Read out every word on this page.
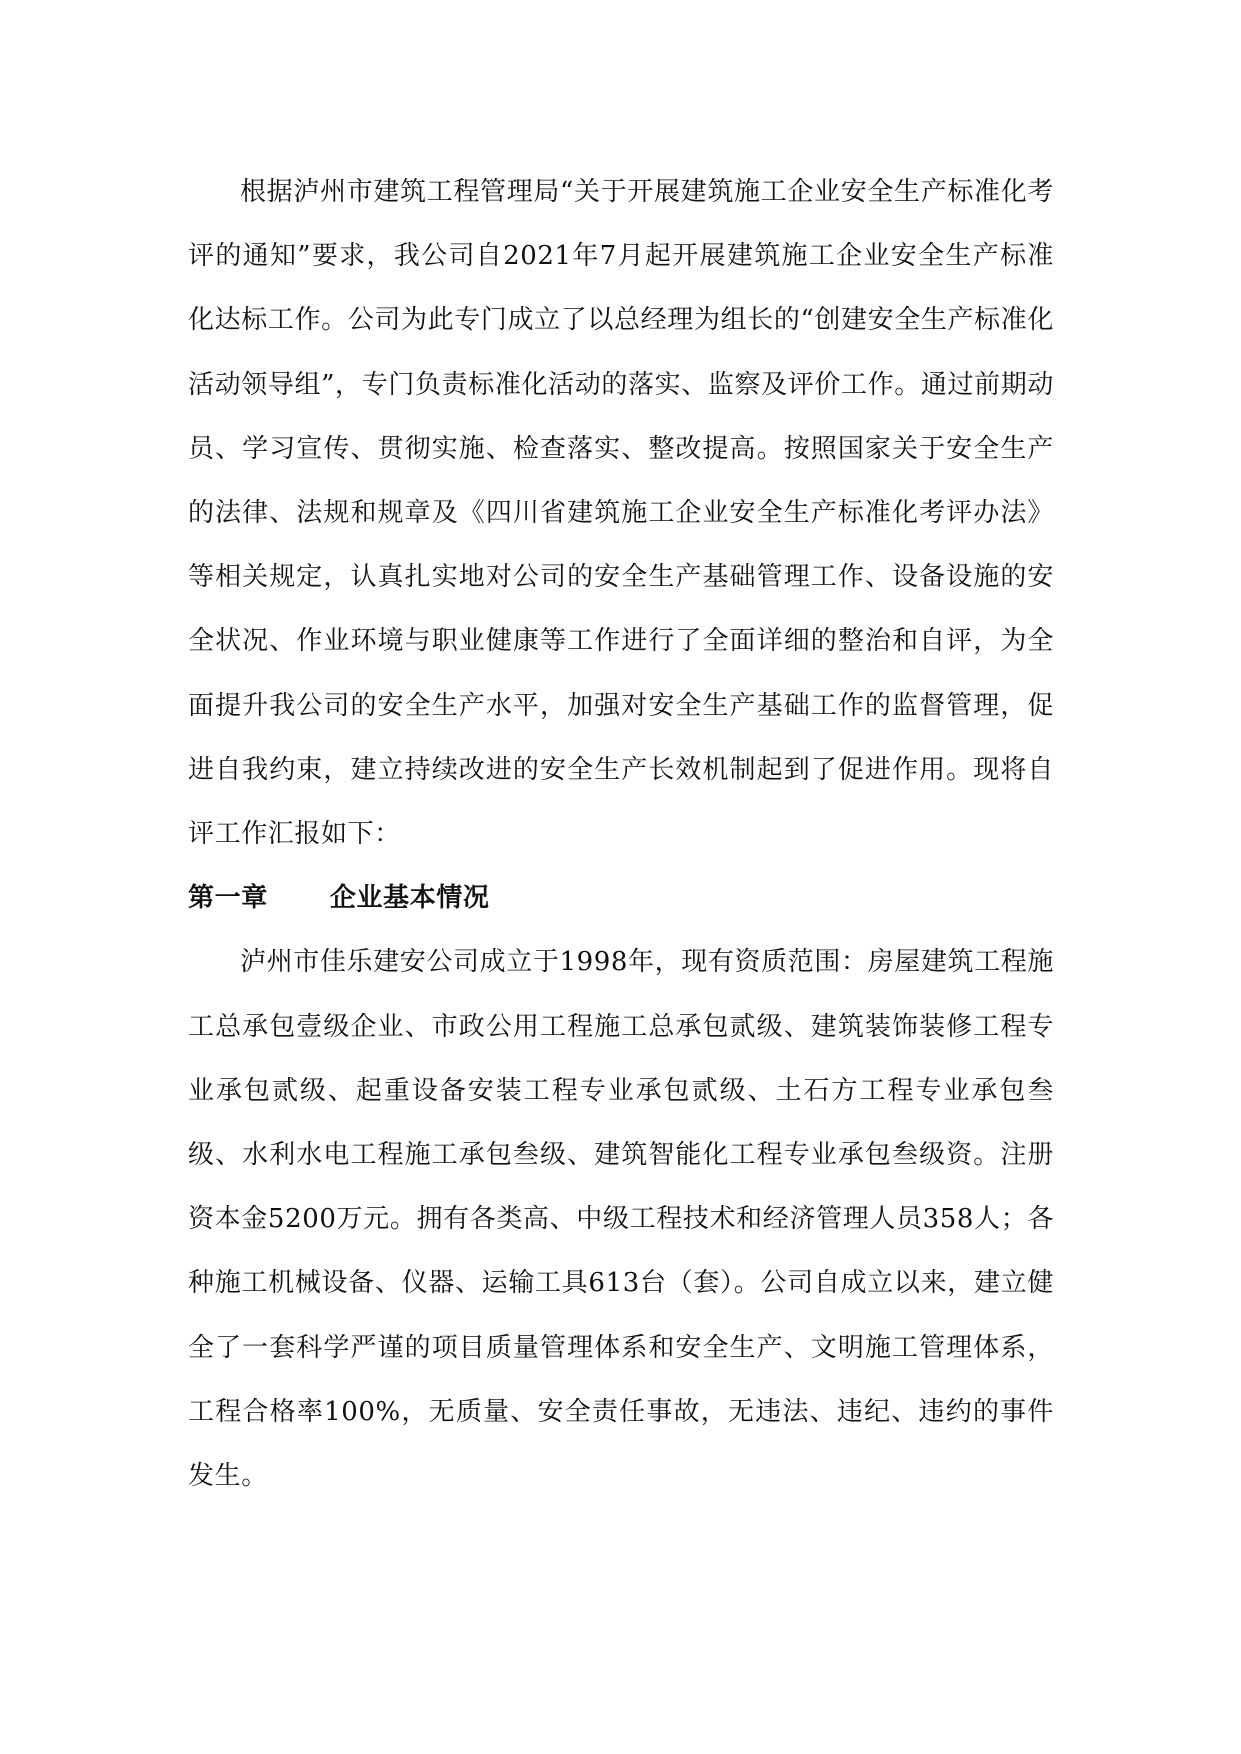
根据泸州市建筑工程管理局“关于开展建筑施工企业安全生产标准化考评的通知”要求，我公司自2021年7月起开展建筑施工企业安全生产标准化达标工作。公司为此专门成立了以总经理为组长的“创建安全生产标准化活动领导组”，专门负责标准化活动的落实、监察及评价工作。通过前期动员、学习宣传、贯彻实施、检查落实、整改提高。按照国家关于安全生产的法律、法规和规章及《四川省建筑施工企业安全生产标准化考评办法》等相关规定，认真扎实地对公司的安全生产基础管理工作、设备设施的安全状况、作业环境与职业健康等工作进行了全面详细的整治和自评，为全面提升我公司的安全生产水平，加强对安全生产基础工作的监督管理，促进自我约束，建立持续改进的安全生产长效机制起到了促进作用。现将自评工作汇报如下：

第一章 企业基本情况

泸州市佳乐建安公司成立于1998年，现有资质范围：房屋建筑工程施工总承包壹级企业、市政公用工程施工总承包贰级、建筑装饰装修工程专业承包贰级、起重设备安装工程专业承包贰级、土石方工程专业承包叁级、水利水电工程施工承包叁级、建筑智能化工程专业承包叁级资。注册资本金5200万元。拥有各类高、中级工程技术和经济管理人员358人；各种施工机械设备、仪器、运输工具613台（套）。公司自成立以来，建立健全了一套科学严谨的项目质量管理体系和安全生产、文明施工管理体系，工程合格率100%，无质量、安全责任事故，无违法、违纪、违约的事件发生。
